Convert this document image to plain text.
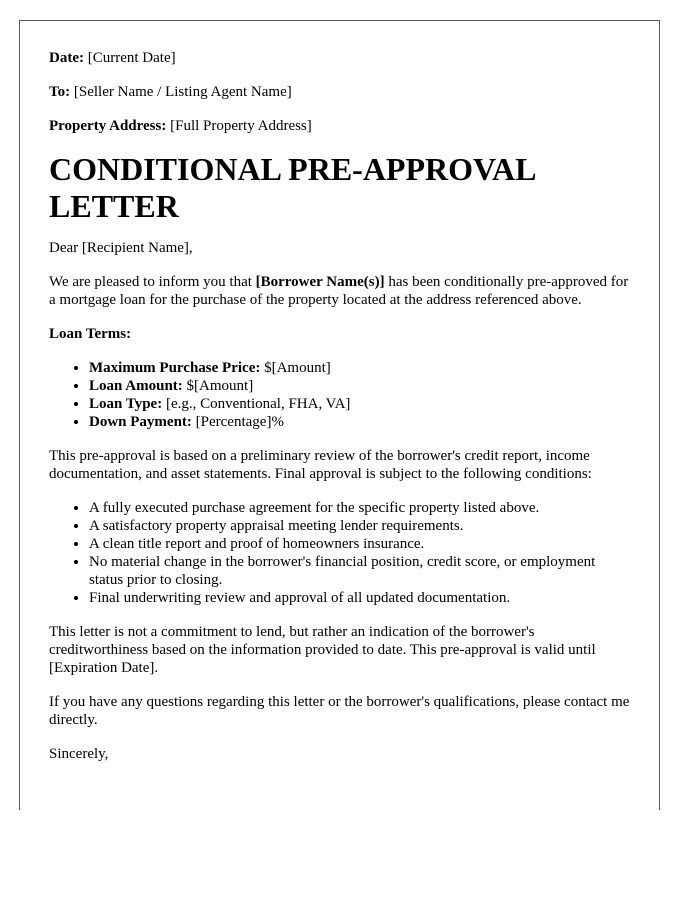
Date: [Current Date]

To: [Seller Name / Listing Agent Name]

Property Address: [Full Property Address]

CONDITIONAL PRE-APPROVAL LETTER

Dear [Recipient Name],

We are pleased to inform you that [Borrower Name(s)] has been conditionally pre-approved for a mortgage loan for the purchase of the property located at the address referenced above.

Loan Terms:

• Maximum Purchase Price: $[Amount]
• Loan Amount: $[Amount]
• Loan Type: [e.g., Conventional, FHA, VA]
• Down Payment: [Percentage]%

This pre-approval is based on a preliminary review of the borrower's credit report, income documentation, and asset statements. Final approval is subject to the following conditions:

• A fully executed purchase agreement for the specific property listed above.
• A satisfactory property appraisal meeting lender requirements.
• A clean title report and proof of homeowners insurance.
• No material change in the borrower's financial position, credit score, or employment status prior to closing.
• Final underwriting review and approval of all updated documentation.

This letter is not a commitment to lend, but rather an indication of the borrower's creditworthiness based on the information provided to date. This pre-approval is valid until [Expiration Date].

If you have any questions regarding this letter or the borrower's qualifications, please contact me directly.

Sincerely,
